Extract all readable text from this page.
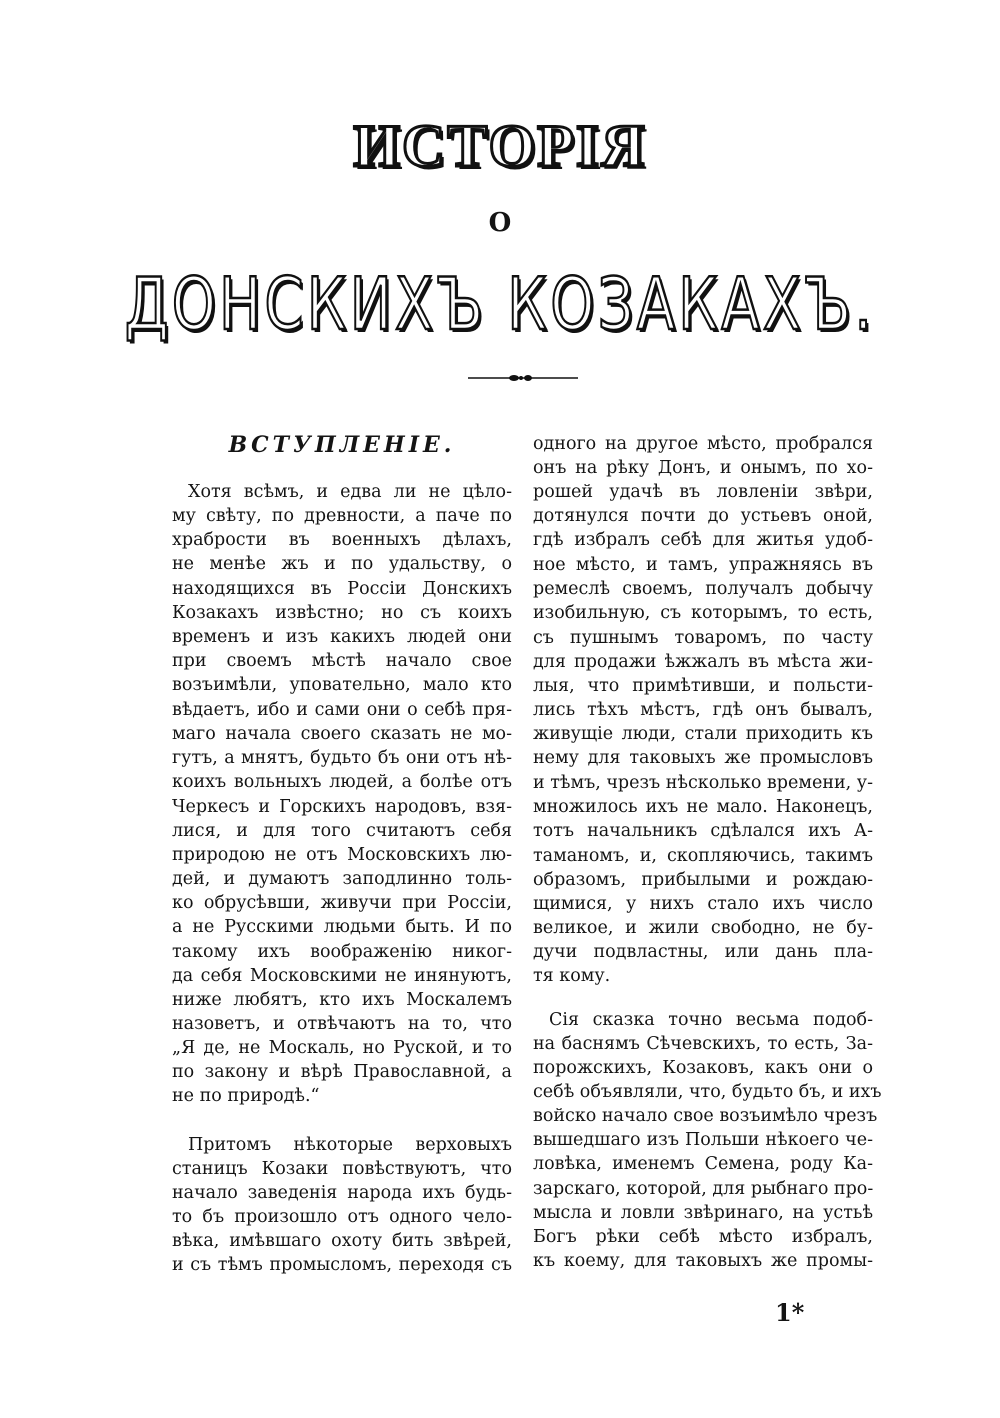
ИСТОРІЯ
О
ДОНСКИХЪ КОЗАКАХЪ.
ВСТУПЛЕНІЕ.
Хотя всѣмъ, и едва ли не цѣло-
му свѣту, по древности, а паче по
храбрости въ военныхъ дѣлахъ,
не менѣе жъ и по удальству, о
находящихся въ Россіи Донскихъ
Козакахъ извѣстно; но съ коихъ
временъ и изъ какихъ людей они
при своемъ мѣстѣ начало свое
возъимѣли, уповательно, мало кто
вѣдаетъ, ибо и сами они о себѣ пря-
маго начала своего сказать не мо-
гутъ, а мнятъ, будьто бъ они отъ нѣ-
коихъ вольныхъ людей, а болѣе отъ
Черкесъ и Горскихъ народовъ, взя-
лися, и для того считаютъ себя
природою не отъ Московскихъ лю-
дей, и думаютъ заподлинно толь-
ко обрусѣвши, живучи при Россіи,
а не Русскими людьми быть. И по
такому ихъ воображенію никог-
да себя Московскими не инянуютъ,
ниже любятъ, кто ихъ Москалемъ
назоветъ, и отвѣчаютъ на то, что
„Я де, не Москаль, но Руской, и то
по закону и вѣрѣ Православной, а
не по природѣ.“
Притомъ нѣкоторые верховыхъ
станицъ Козаки повѣствуютъ, что
начало заведенія народа ихъ будь-
то бъ произошло отъ одного чело-
вѣка, имѣвшаго охоту бить звѣрей,
и съ тѣмъ промысломъ, переходя съ
одного на другое мѣсто, пробрался
онъ на рѣку Донъ, и онымъ, по хо-
рошей удачѣ въ ловленіи звѣри,
дотянулся почти до устьевъ оной,
гдѣ избралъ себѣ для житья удоб-
ное мѣсто, и тамъ, упражняясь въ
ремеслѣ своемъ, получалъ добычу
изобильную, съ которымъ, то есть,
съ пушнымъ товаромъ, по часту
для продажи ѣжжалъ въ мѣста жи-
лыя, что примѣтивши, и польсти-
лись тѣхъ мѣстъ, гдѣ онъ бывалъ,
живущіе люди, стали приходить къ
нему для таковыхъ же промысловъ
и тѣмъ, чрезъ нѣсколько времени, у-
множилось ихъ не мало. Наконецъ,
тотъ начальникъ сдѣлался ихъ А-
таманомъ, и, скопляючись, такимъ
образомъ, прибылыми и рождаю-
щимися, у нихъ стало ихъ число
великое, и жили свободно, не бу-
дучи подвластны, или дань пла-
тя кому.
Сія сказка точно весьма подоб-
на баснямъ Сѣчевскихъ, то есть, За-
порожскихъ, Козаковъ, какъ они о
себѣ объявляли, что, будьто бъ, и ихъ
войско начало свое возъимѣло чрезъ
вышедшаго изъ Польши нѣкоего че-
ловѣка, именемъ Семена, роду Ка-
зарскаго, которой, для рыбнаго про-
мысла и ловли звѣринаго, на устьѣ
Богъ рѣки себѣ мѣсто избралъ,
къ коему, для таковыхъ же промы-
1*
